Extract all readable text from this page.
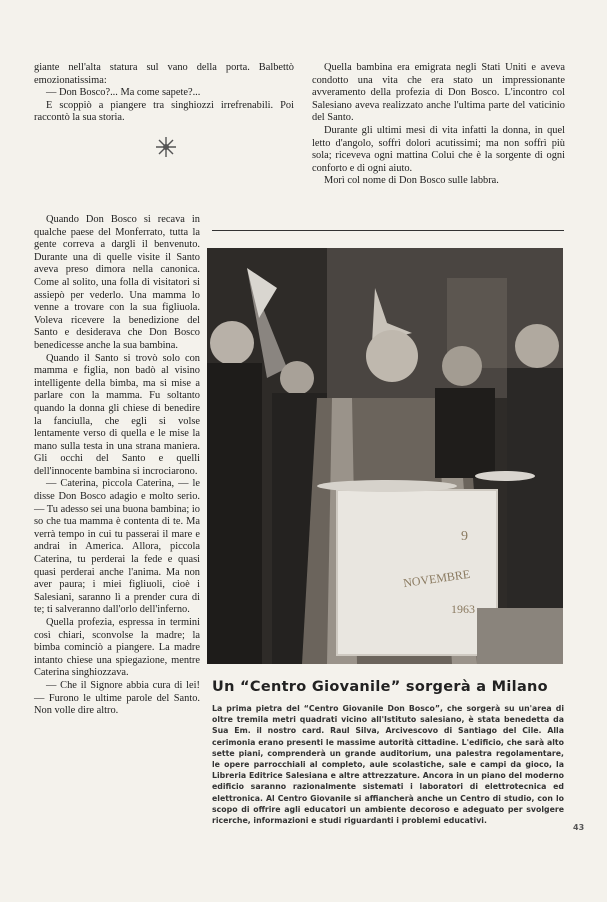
giante nell'alta statura sul vano della porta. Balbettò emozionatissima:

— Don Bosco?... Ma come sapete?...

E scoppiò a piangere tra singhiozzi irrefrenabili. Poi raccontò la sua storia.

Quando Don Bosco si recava in qualche paese del Monferrato, tutta la gente correva a dargli il benvenuto. Durante una di quelle visite il Santo aveva preso dimora nella canonica. Come al solito, una folla di visitatori si assiepò per vederlo. Una mamma lo venne a trovare con la sua figliuola. Voleva ricevere la benedizione del Santo e desiderava che Don Bosco benedicesse anche la sua bambina.

Quando il Santo si trovò solo con mamma e figlia, non badò al visino intelligente della bimba, ma si mise a parlare con la mamma. Fu soltanto quando la donna gli chiese di benedire la fanciulla, che egli si volse lentamente verso di quella e le mise la mano sulla testa in una strana maniera. Gli occhi del Santo e quelli dell'innocente bambina si incrociarono.

— Caterina, piccola Caterina, — le disse Don Bosco adagio e molto serio. — Tu adesso sei una buona bambina; io so che tua mamma è contenta di te. Ma verrà tempo in cui tu passerai il mare e andrai in America. Allora, piccola Caterina, tu perderai la fede e quasi quasi perderai anche l'anima. Ma non aver paura; i miei figliuoli, cioè i Salesiani, saranno lì a prender cura di te; ti salveranno dall'orlo dell'inferno.

Quella profezia, espressa in termini così chiari, sconvolse la madre; la bimba cominciò a piangere. La madre intanto chiese una spiegazione, mentre Caterina singhiozzava.

— Che il Signore abbia cura di lei! — Furono le ultime parole del Santo. Non volle dire altro.

Quella bambina era emigrata negli Stati Uniti e aveva condotto una vita che era stato un impressionante avveramento della profezia di Don Bosco. L'incontro col Salesiano aveva realizzato anche l'ultima parte del vaticinio del Santo.

Durante gli ultimi mesi di vita infatti la donna, in quel letto d'angolo, soffrì dolori acutissimi; ma non soffrì più sola; riceveva ogni mattina Colui che è la sorgente di ogni conforto e di ogni aiuto.

Morì col nome di Don Bosco sulle labbra.

9
NOVEMBRE
1963
Un “Centro Giovanile” sorgerà a Milano
La prima pietra del “Centro Giovanile Don Bosco”, che sorgerà su un'area di oltre tremila metri quadrati vicino all'Istituto salesiano, è stata benedetta da Sua Em. il nostro card. Raul Silva, Arcivescovo di Santiago del Cile. Alla cerimonia erano presenti le massime autorità cittadine. L'edificio, che sarà alto sette piani, comprenderà un grande auditorium, una palestra regolamentare, le opere parrocchiali al completo, aule scolastiche, sale e campi da gioco, la Libreria Editrice Salesiana e altre attrezzature. Ancora in un piano del moderno edificio saranno razionalmente sistemati i laboratori di elettrotecnica ed elettronica. Al Centro Giovanile si affiancherà anche un Centro di studio, con lo scopo di offrire agli educatori un ambiente decoroso e adeguato per svolgere ricerche, informazioni e studi riguardanti i problemi educativi.
43
